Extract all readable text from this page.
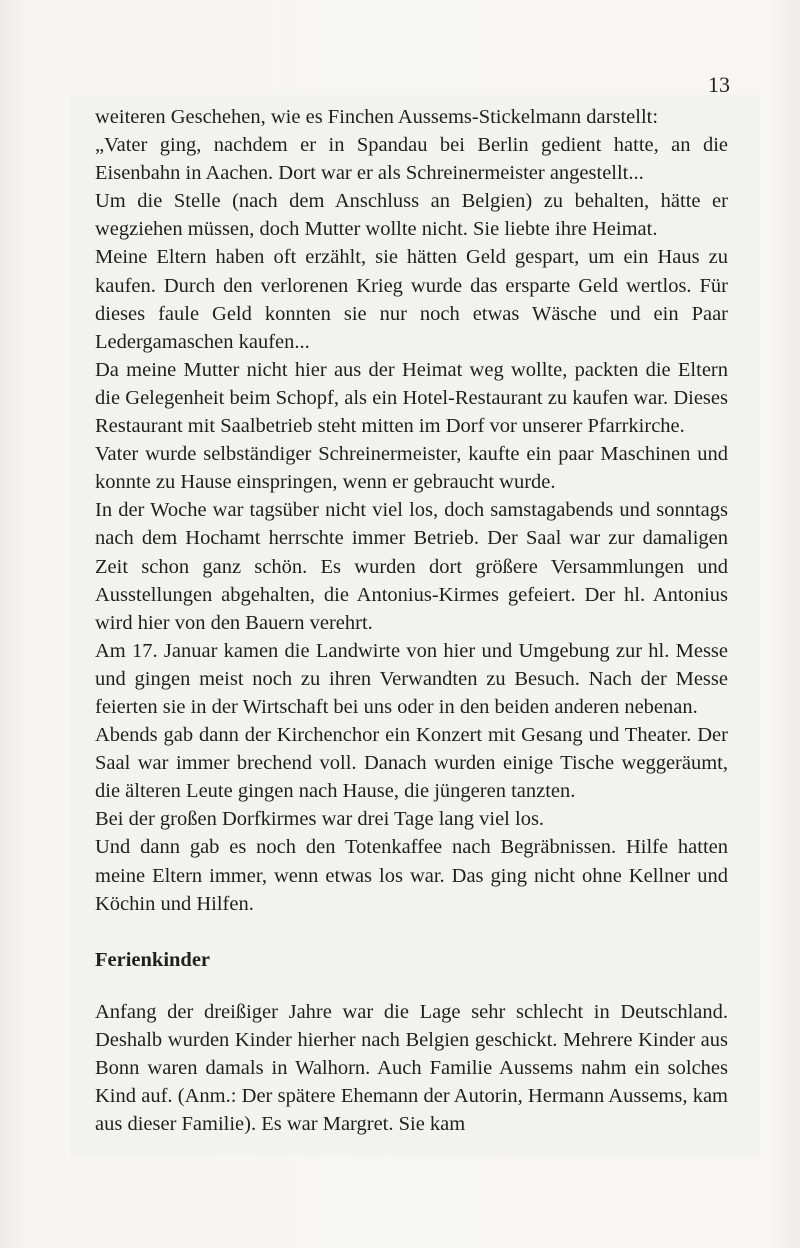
13

weiteren Geschehen, wie es Finchen Aussems-Stickelmann darstellt:

„Vater ging, nachdem er in Spandau bei Berlin gedient hatte, an die Eisenbahn in Aachen. Dort war er als Schreinermeister angestellt...

Um die Stelle (nach dem Anschluss an Belgien) zu behalten, hätte er wegziehen müssen, doch Mutter wollte nicht. Sie liebte ihre Heimat.

Meine Eltern haben oft erzählt, sie hätten Geld gespart, um ein Haus zu kaufen. Durch den verlorenen Krieg wurde das ersparte Geld wertlos. Für dieses faule Geld konnten sie nur noch etwas Wäsche und ein Paar Ledergamaschen kaufen...

Da meine Mutter nicht hier aus der Heimat weg wollte, packten die Eltern die Gelegenheit beim Schopf, als ein Hotel-Restaurant zu kaufen war. Dieses Restaurant mit Saalbetrieb steht mitten im Dorf vor unserer Pfarrkirche.

Vater wurde selbständiger Schreinermeister, kaufte ein paar Maschinen und konnte zu Hause einspringen, wenn er gebraucht wurde.

In der Woche war tagsüber nicht viel los, doch samstagabends und sonntags nach dem Hochamt herrschte immer Betrieb. Der Saal war zur damaligen Zeit schon ganz schön. Es wurden dort größere Versammlungen und Ausstellungen abgehalten, die Antonius-Kirmes gefeiert. Der hl. Antonius wird hier von den Bauern verehrt.

Am 17. Januar kamen die Landwirte von hier und Umgebung zur hl. Messe und gingen meist noch zu ihren Verwandten zu Besuch. Nach der Messe feierten sie in der Wirtschaft bei uns oder in den beiden anderen nebenan.

Abends gab dann der Kirchenchor ein Konzert mit Gesang und Theater. Der Saal war immer brechend voll. Danach wurden einige Tische weggeräumt, die älteren Leute gingen nach Hause, die jüngeren tanzten.

Bei der großen Dorfkirmes war drei Tage lang viel los.

Und dann gab es noch den Totenkaffee nach Begräbnissen. Hilfe hatten meine Eltern immer, wenn etwas los war. Das ging nicht ohne Kellner und Köchin und Hilfen.

Ferienkinder

Anfang der dreißiger Jahre war die Lage sehr schlecht in Deutschland. Deshalb wurden Kinder hierher nach Belgien geschickt. Mehrere Kinder aus Bonn waren damals in Walhorn. Auch Familie Aussems nahm ein solches Kind auf. (Anm.: Der spätere Ehemann der Autorin, Hermann Aussems, kam aus dieser Familie). Es war Margret. Sie kam
